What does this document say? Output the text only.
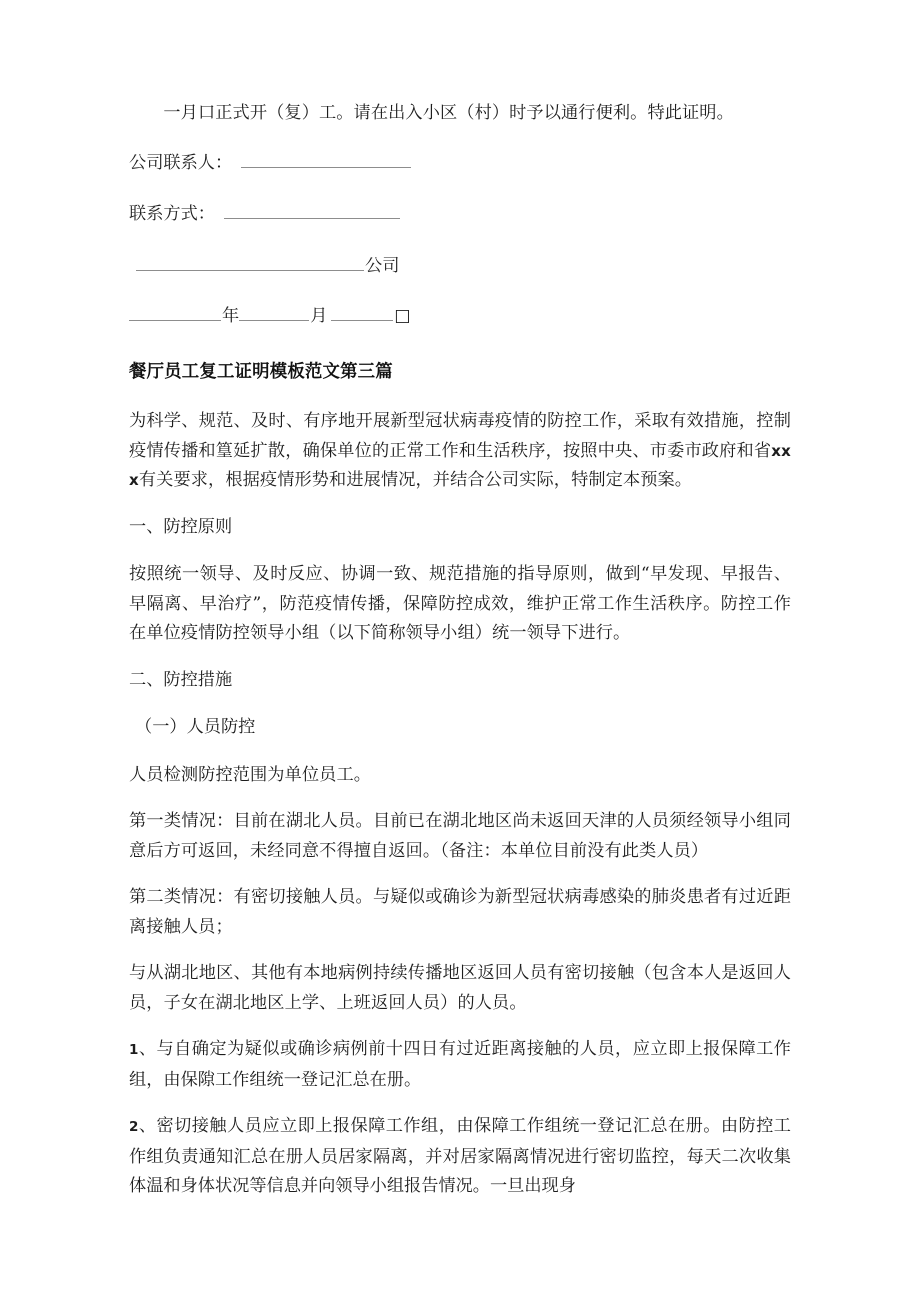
一月口正式开（复）工。请在出入小区（村）时予以通行便利。特此证明。

公司联系人：
联系方式：
公司
年	月	□

餐厅员工复工证明模板范文第三篇

为科学、规范、及时、有序地开展新型冠状病毒疫情的防控工作，采取有效措施，控制疫情传播和篁延扩散，确保单位的正常工作和生活秩序，按照中央、市委市政府和省xxx有关要求，根据疫情形势和进展情况，并结合公司实际，特制定本预案。

一、防控原则

按照统一领导、及时反应、协调一致、规范措施的指导原则，做到“早发现、早报告、早隔离、早治疗”，防范疫情传播，保障防控成效，维护正常工作生活秩序。防控工作在单位疫情防控领导小组（以下简称领导小组）统一领导下进行。

二、防控措施

（一）人员防控

人员检测防控范围为单位员工。

第一类情况：目前在湖北人员。目前已在湖北地区尚未返回天津的人员须经领导小组同意后方可返回，未经同意不得擅自返回。（备注：本单位目前没有此类人员）

第二类情况：有密切接触人员。与疑似或确诊为新型冠状病毒感染的肺炎患者有过近距离接触人员；

与从湖北地区、其他有本地病例持续传播地区返回人员有密切接触（包含本人是返回人员，子女在湖北地区上学、上班返回人员）的人员。

1、与自确定为疑似或确诊病例前十四日有过近距离接触的人员，应立即上报保障工作组，由保隙工作组统一登记汇总在册。

2、密切接触人员应立即上报保障工作组，由保障工作组统一登记汇总在册。由防控工作组负责通知汇总在册人员居家隔离，并对居家隔离情况进行密切监控，每天二次收集体温和身体状况等信息并向领导小组报告情况。一旦出现身
